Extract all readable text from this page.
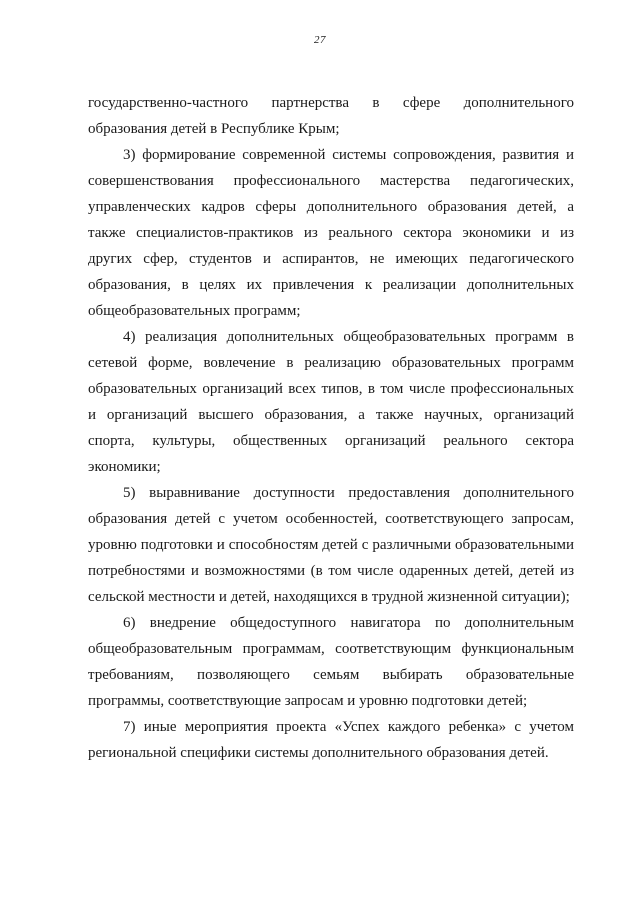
27

государственно-частного партнерства в сфере дополнительного образования детей в Республике Крым;

3) формирование современной системы сопровождения, развития и совершенствования профессионального мастерства педагогических, управленческих кадров сферы дополнительного образования детей, а также специалистов-практиков из реального сектора экономики и из других сфер, студентов и аспирантов, не имеющих педагогического образования, в целях их привлечения к реализации дополнительных общеобразовательных программ;

4) реализация дополнительных общеобразовательных программ в сетевой форме, вовлечение в реализацию образовательных программ образовательных организаций всех типов, в том числе профессиональных и организаций высшего образования, а также научных, организаций спорта, культуры, общественных организаций реального сектора экономики;

5) выравнивание доступности предоставления дополнительного образования детей с учетом особенностей, соответствующего запросам, уровню подготовки и способностям детей с различными образовательными потребностями и возможностями (в том числе одаренных детей, детей из сельской местности и детей, находящихся в трудной жизненной ситуации);

6) внедрение общедоступного навигатора по дополнительным общеобразовательным программам, соответствующим функциональным требованиям, позволяющего семьям выбирать образовательные программы, соответствующие запросам и уровню подготовки детей;

7) иные мероприятия проекта «Успех каждого ребенка» с учетом региональной специфики системы дополнительного образования детей.
